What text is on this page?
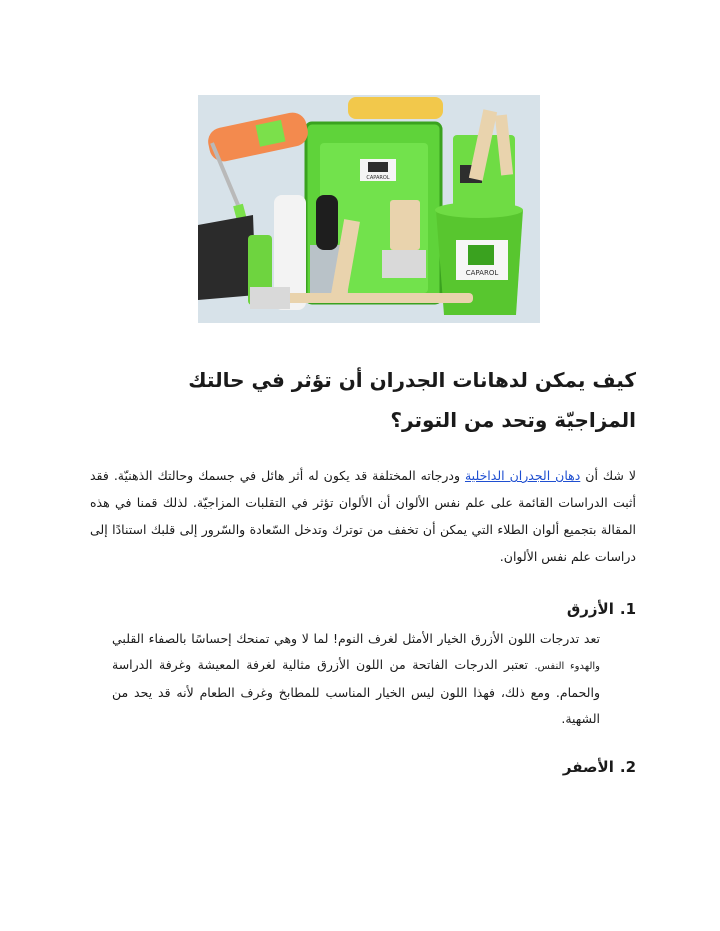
CAPAROL
CAPAROL
كيف يمكن لدهانات الجدران أن تؤثر في حالتك المزاجيّة وتحد من التوتر؟

لا شك أن دهان الجدران الداخلية ودرجاته المختلفة قد يكون له أثر هائل في جسمك وحالتك الذهنيّة. فقد أثبت الدراسات القائمة على علم نفس الألوان أن الألوان تؤثر في التقلبات المزاجيّة. لذلك قمنا في هذه المقالة بتجميع ألوان الطلاء التي يمكن أن تخفف من توترك وتدخل السّعادة والسّرور إلى قلبك استنادًا إلى دراسات علم نفس الألوان.

1.الأزرق

تعد تدرجات اللون الأزرق الخيار الأمثل لغرف النوم! لما لا وهي تمنحك إحساسًا بالصفاء القلبي والهدوء النفس. تعتبر الدرجات الفاتحة من اللون الأزرق مثالية لغرفة المعيشة وغرفة الدراسة والحمام. ومع ذلك، فهذا اللون ليس الخيار المناسب للمطابخ وغرف الطعام لأنه قد يحد من الشهية.

2.الأصفر
